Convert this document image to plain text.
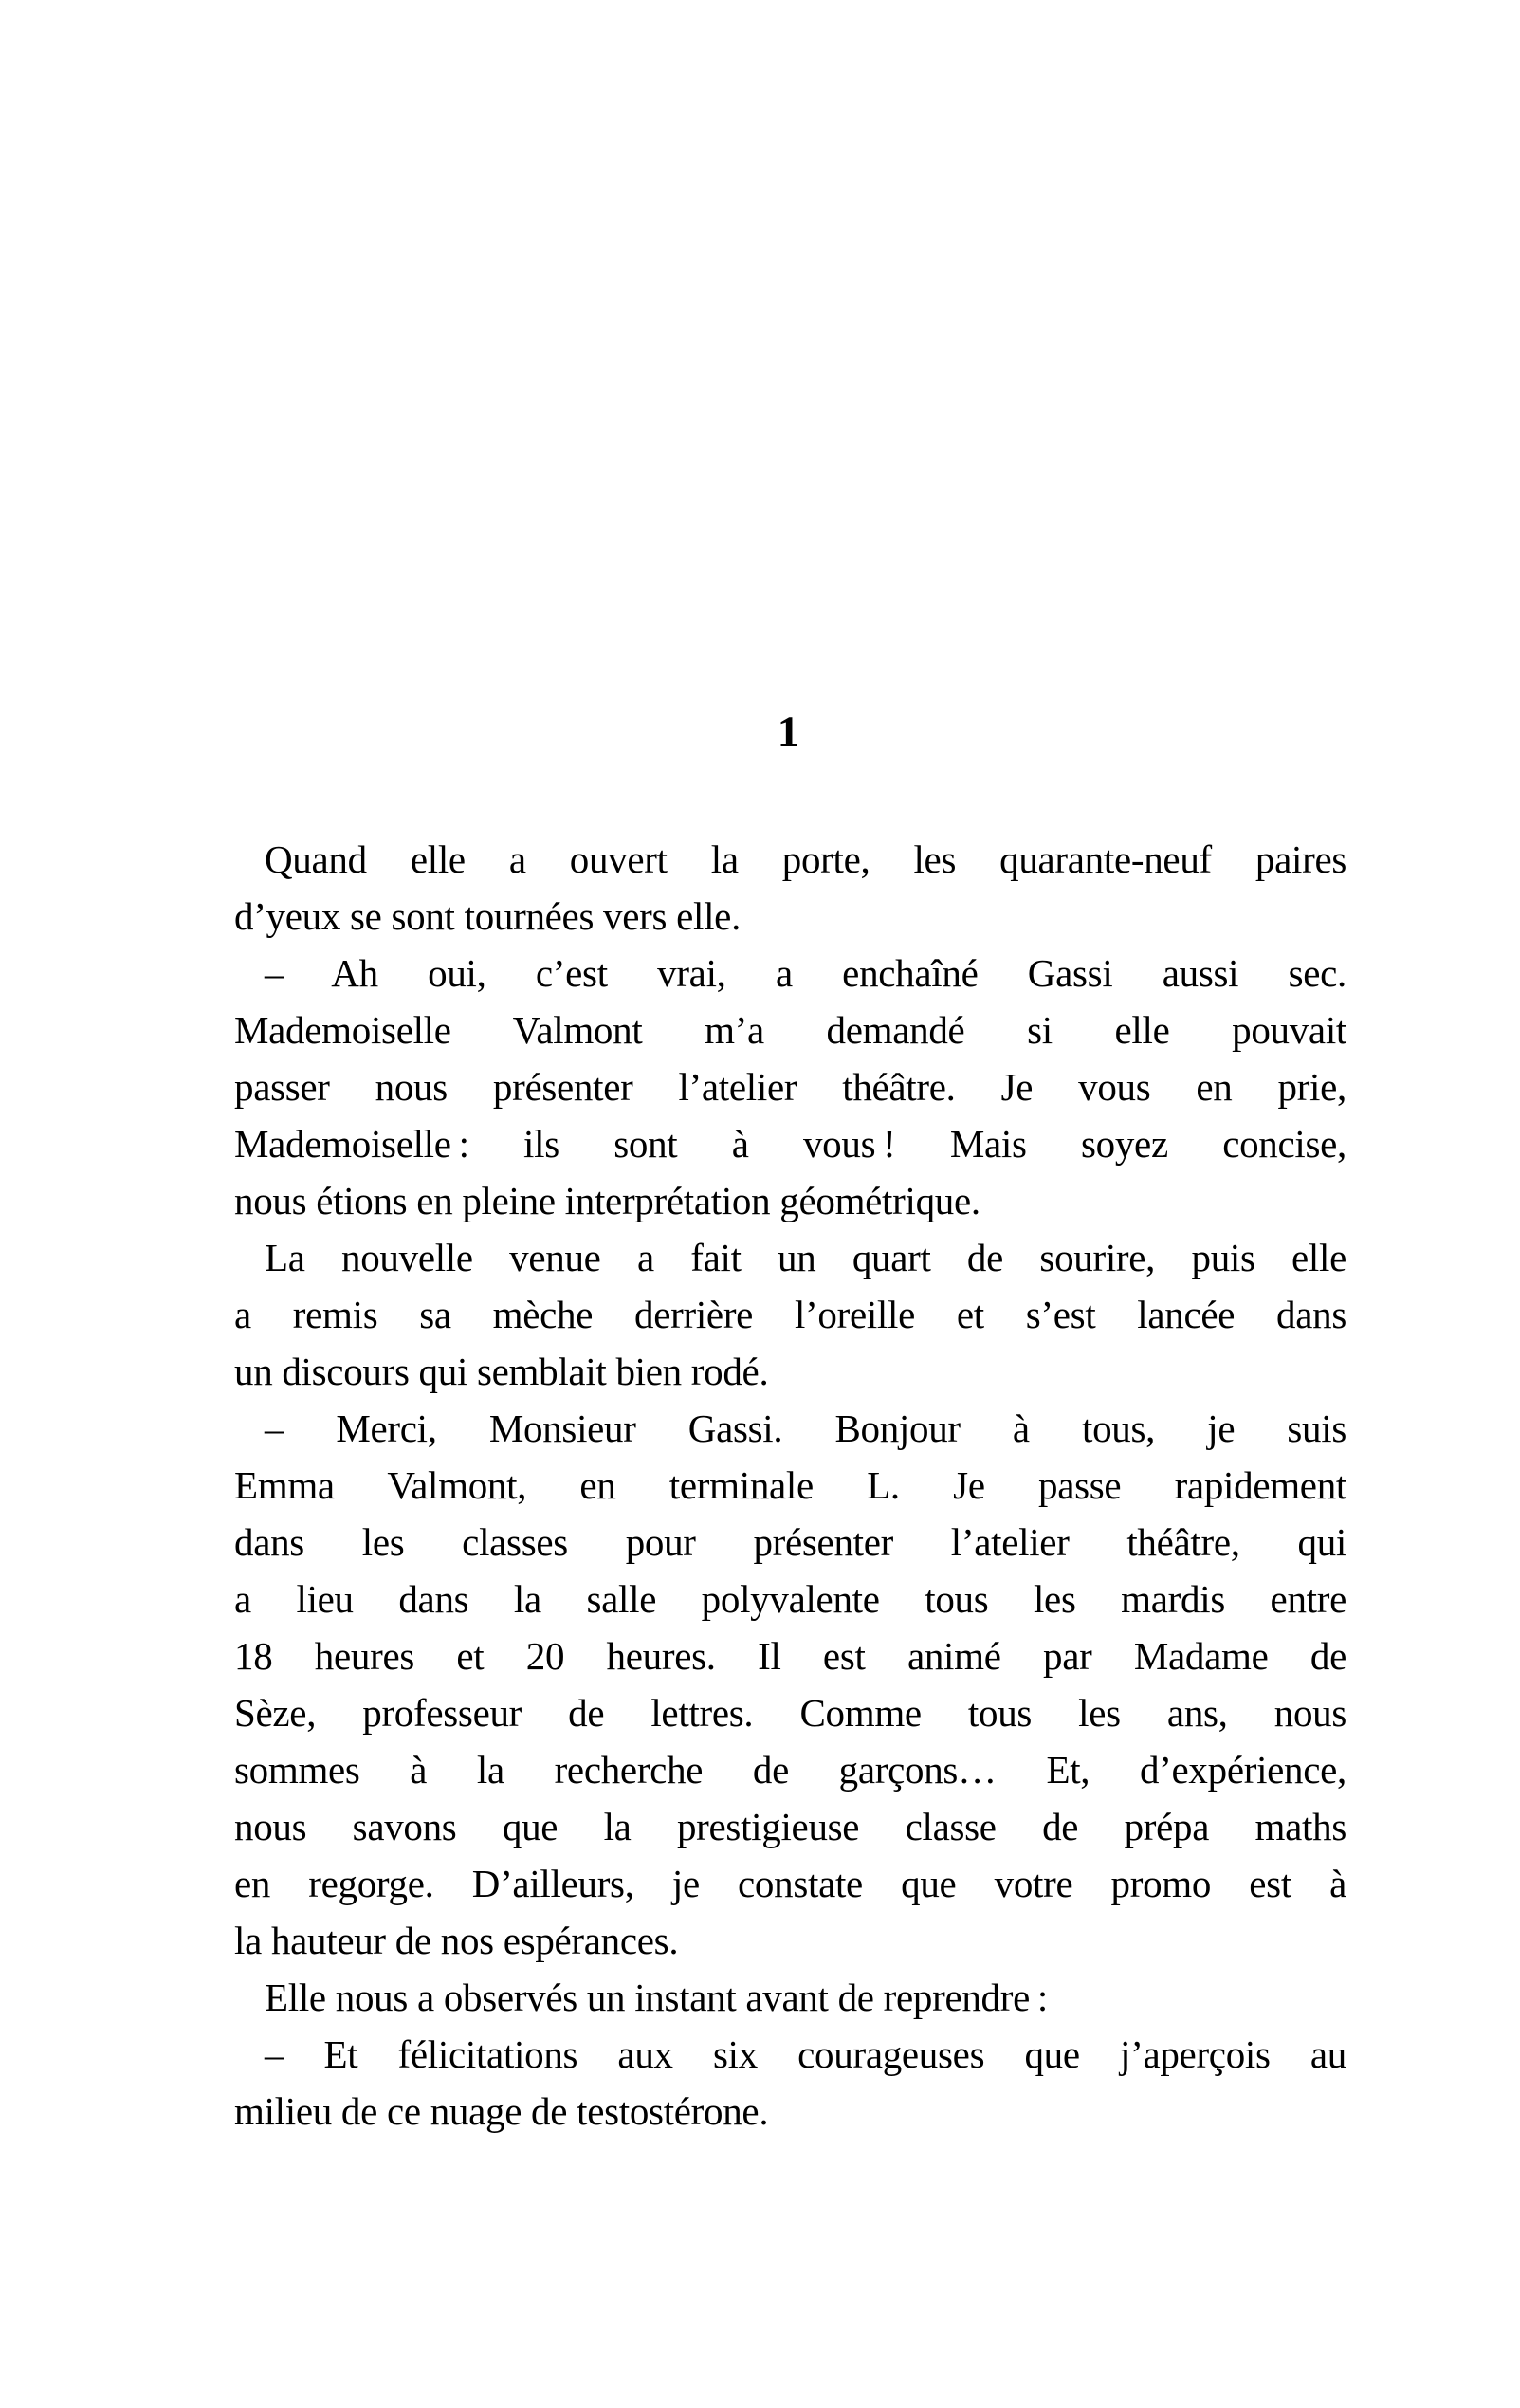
1
Quand elle a ouvert la porte, les quarante-neuf paires
d’yeux se sont tournées vers elle.
– Ah oui, c’est vrai, a enchaîné Gassi aussi sec.
Mademoiselle Valmont m’a demandé si elle pouvait
passer nous présenter l’atelier théâtre. Je vous en prie,
Mademoiselle : ils sont à vous ! Mais soyez concise,
nous étions en pleine interprétation géométrique.
La nouvelle venue a fait un quart de sourire, puis elle
a remis sa mèche derrière l’oreille et s’est lancée dans
un discours qui semblait bien rodé.
– Merci, Monsieur Gassi. Bonjour à tous, je suis
Emma Valmont, en terminale L. Je passe rapidement
dans les classes pour présenter l’atelier théâtre, qui
a lieu dans la salle polyvalente tous les mardis entre
18 heures et 20 heures. Il est animé par Madame de
Sèze, professeur de lettres. Comme tous les ans, nous
sommes à la recherche de garçons… Et, d’expérience,
nous savons que la prestigieuse classe de prépa maths
en regorge. D’ailleurs, je constate que votre promo est à
la hauteur de nos espérances.
Elle nous a observés un instant avant de reprendre :
– Et félicitations aux six courageuses que j’aperçois au
milieu de ce nuage de testostérone.
